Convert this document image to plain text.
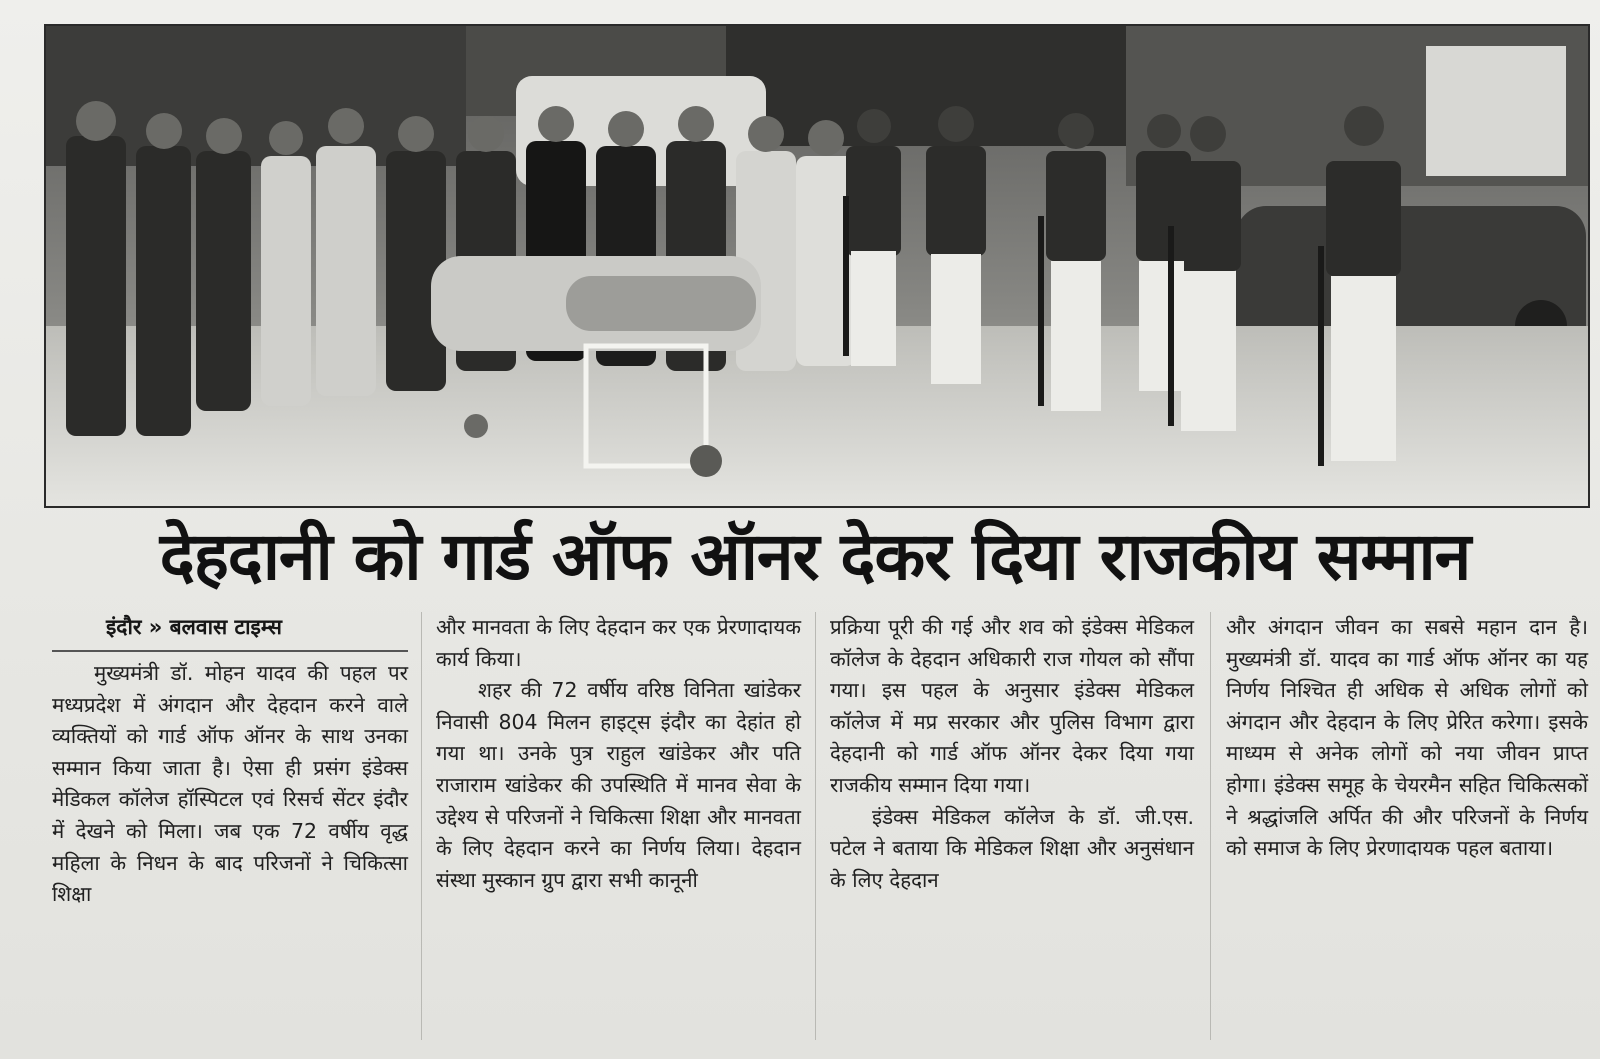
देहदानी को गार्ड ऑफ ऑनर देकर दिया राजकीय सम्मान
इंदौर » बलवास टाइम्स

मुख्यमंत्री डॉ. मोहन यादव की पहल पर मध्यप्रदेश में अंगदान और देहदान करने वाले व्यक्तियों को गार्ड ऑफ ऑनर के साथ उनका सम्मान किया जाता है। ऐसा ही प्रसंग इंडेक्स मेडिकल कॉलेज हॉस्पिटल एवं रिसर्च सेंटर इंदौर में देखने को मिला। जब एक 72 वर्षीय वृद्ध महिला के निधन के बाद परिजनों ने चिकित्सा शिक्षा

और मानवता के लिए देहदान कर एक प्रेरणादायक कार्य किया।

शहर की 72 वर्षीय वरिष्ठ विनिता खांडेकर निवासी 804 मिलन हाइट्स इंदौर का देहांत हो गया था। उनके पुत्र राहुल खांडेकर और पति राजाराम खांडेकर की उपस्थिति में मानव सेवा के उद्देश्य से परिजनों ने चिकित्सा शिक्षा और मानवता के लिए देहदान करने का निर्णय लिया। देहदान संस्था मुस्कान ग्रुप द्वारा सभी कानूनी

प्रक्रिया पूरी की गई और शव को इंडेक्स मेडिकल कॉलेज के देहदान अधिकारी राज गोयल को सौंपा गया। इस पहल के अनुसार इंडेक्स मेडिकल कॉलेज में मप्र सरकार और पुलिस विभाग द्वारा देहदानी को गार्ड ऑफ ऑनर देकर दिया गया राजकीय सम्मान दिया गया।

इंडेक्स मेडिकल कॉलेज के डॉ. जी.एस. पटेल ने बताया कि मेडिकल शिक्षा और अनुसंधान के लिए देहदान

और अंगदान जीवन का सबसे महान दान है। मुख्यमंत्री डॉ. यादव का गार्ड ऑफ ऑनर का यह निर्णय निश्चित ही अधिक से अधिक लोगों को अंगदान और देहदान के लिए प्रेरित करेगा। इसके माध्यम से अनेक लोगों को नया जीवन प्राप्त होगा। इंडेक्स समूह के चेयरमैन सहित चिकित्सकों ने श्रद्धांजलि अर्पित की और परिजनों के निर्णय को समाज के लिए प्रेरणादायक पहल बताया।
